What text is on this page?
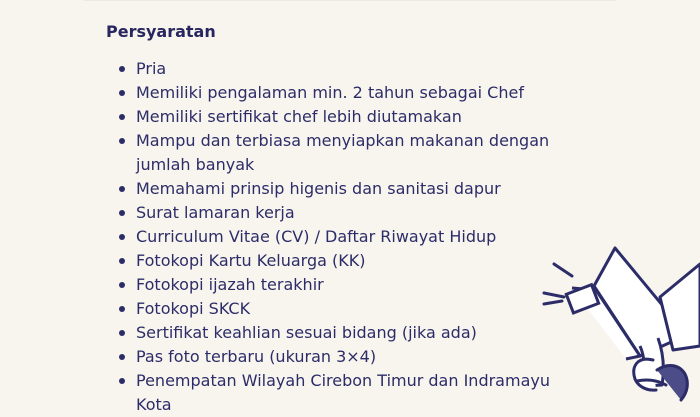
Persyaratan
Pria
Memiliki pengalaman min. 2 tahun sebagai Chef
Memiliki sertifikat chef lebih diutamakan
Mampu dan terbiasa menyiapkan makanan dengan jumlah banyak
Memahami prinsip higenis dan sanitasi dapur
Surat lamaran kerja
Curriculum Vitae (CV) / Daftar Riwayat Hidup
Fotokopi Kartu Keluarga (KK)
Fotokopi ijazah terakhir
Fotokopi SKCK
Sertifikat keahlian sesuai bidang (jika ada)
Pas foto terbaru (ukuran 3×4)
Penempatan Wilayah Cirebon Timur dan Indramayu Kota
